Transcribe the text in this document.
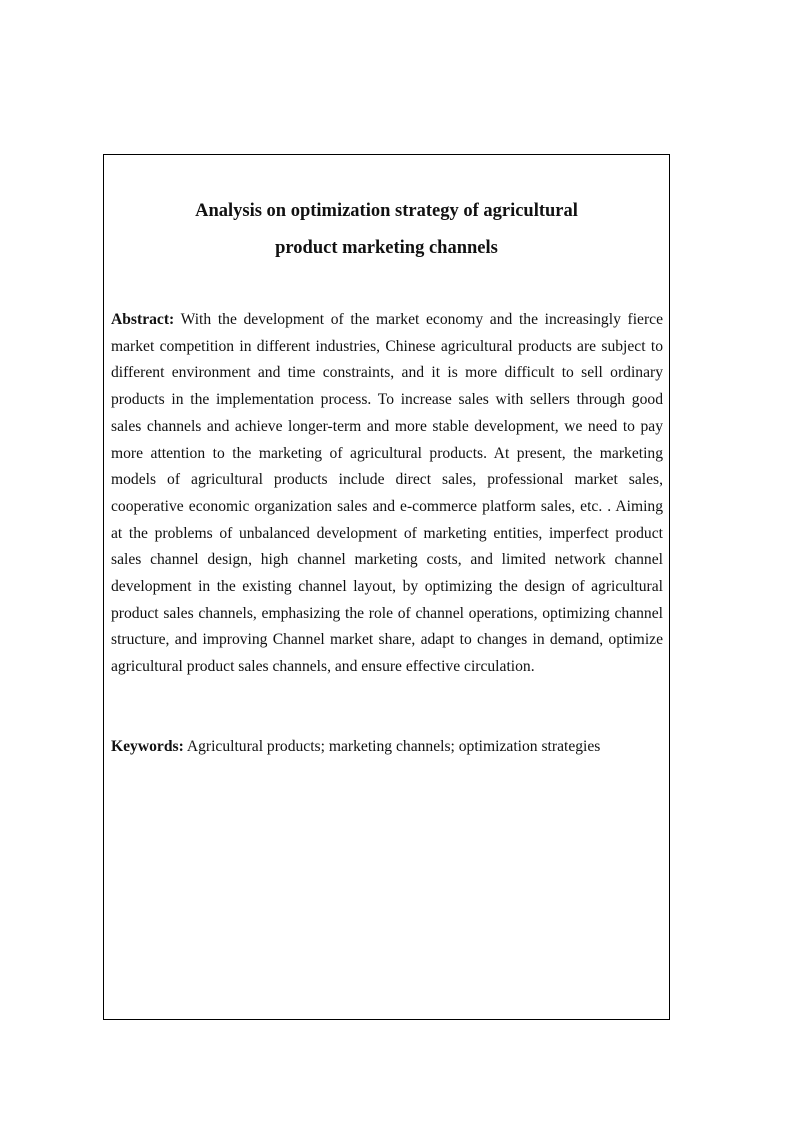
Analysis on optimization strategy of agricultural
product marketing channels

Abstract: With the development of the market economy and the increasingly fierce market competition in different industries, Chinese agricultural products are subject to different environment and time constraints, and it is more difficult to sell ordinary products in the implementation process. To increase sales with sellers through good sales channels and achieve longer-term and more stable development, we need to pay more attention to the marketing of agricultural products. At present, the marketing models of agricultural products include direct sales, professional market sales, cooperative economic organization sales and e-commerce platform sales, etc. . Aiming at the problems of unbalanced development of marketing entities, imperfect product sales channel design, high channel marketing costs, and limited network channel development in the existing channel layout, by optimizing the design of agricultural product sales channels, emphasizing the role of channel operations, optimizing channel structure, and improving Channel market share, adapt to changes in demand, optimize agricultural product sales channels, and ensure effective circulation.

Keywords: Agricultural products; marketing channels; optimization strategies
